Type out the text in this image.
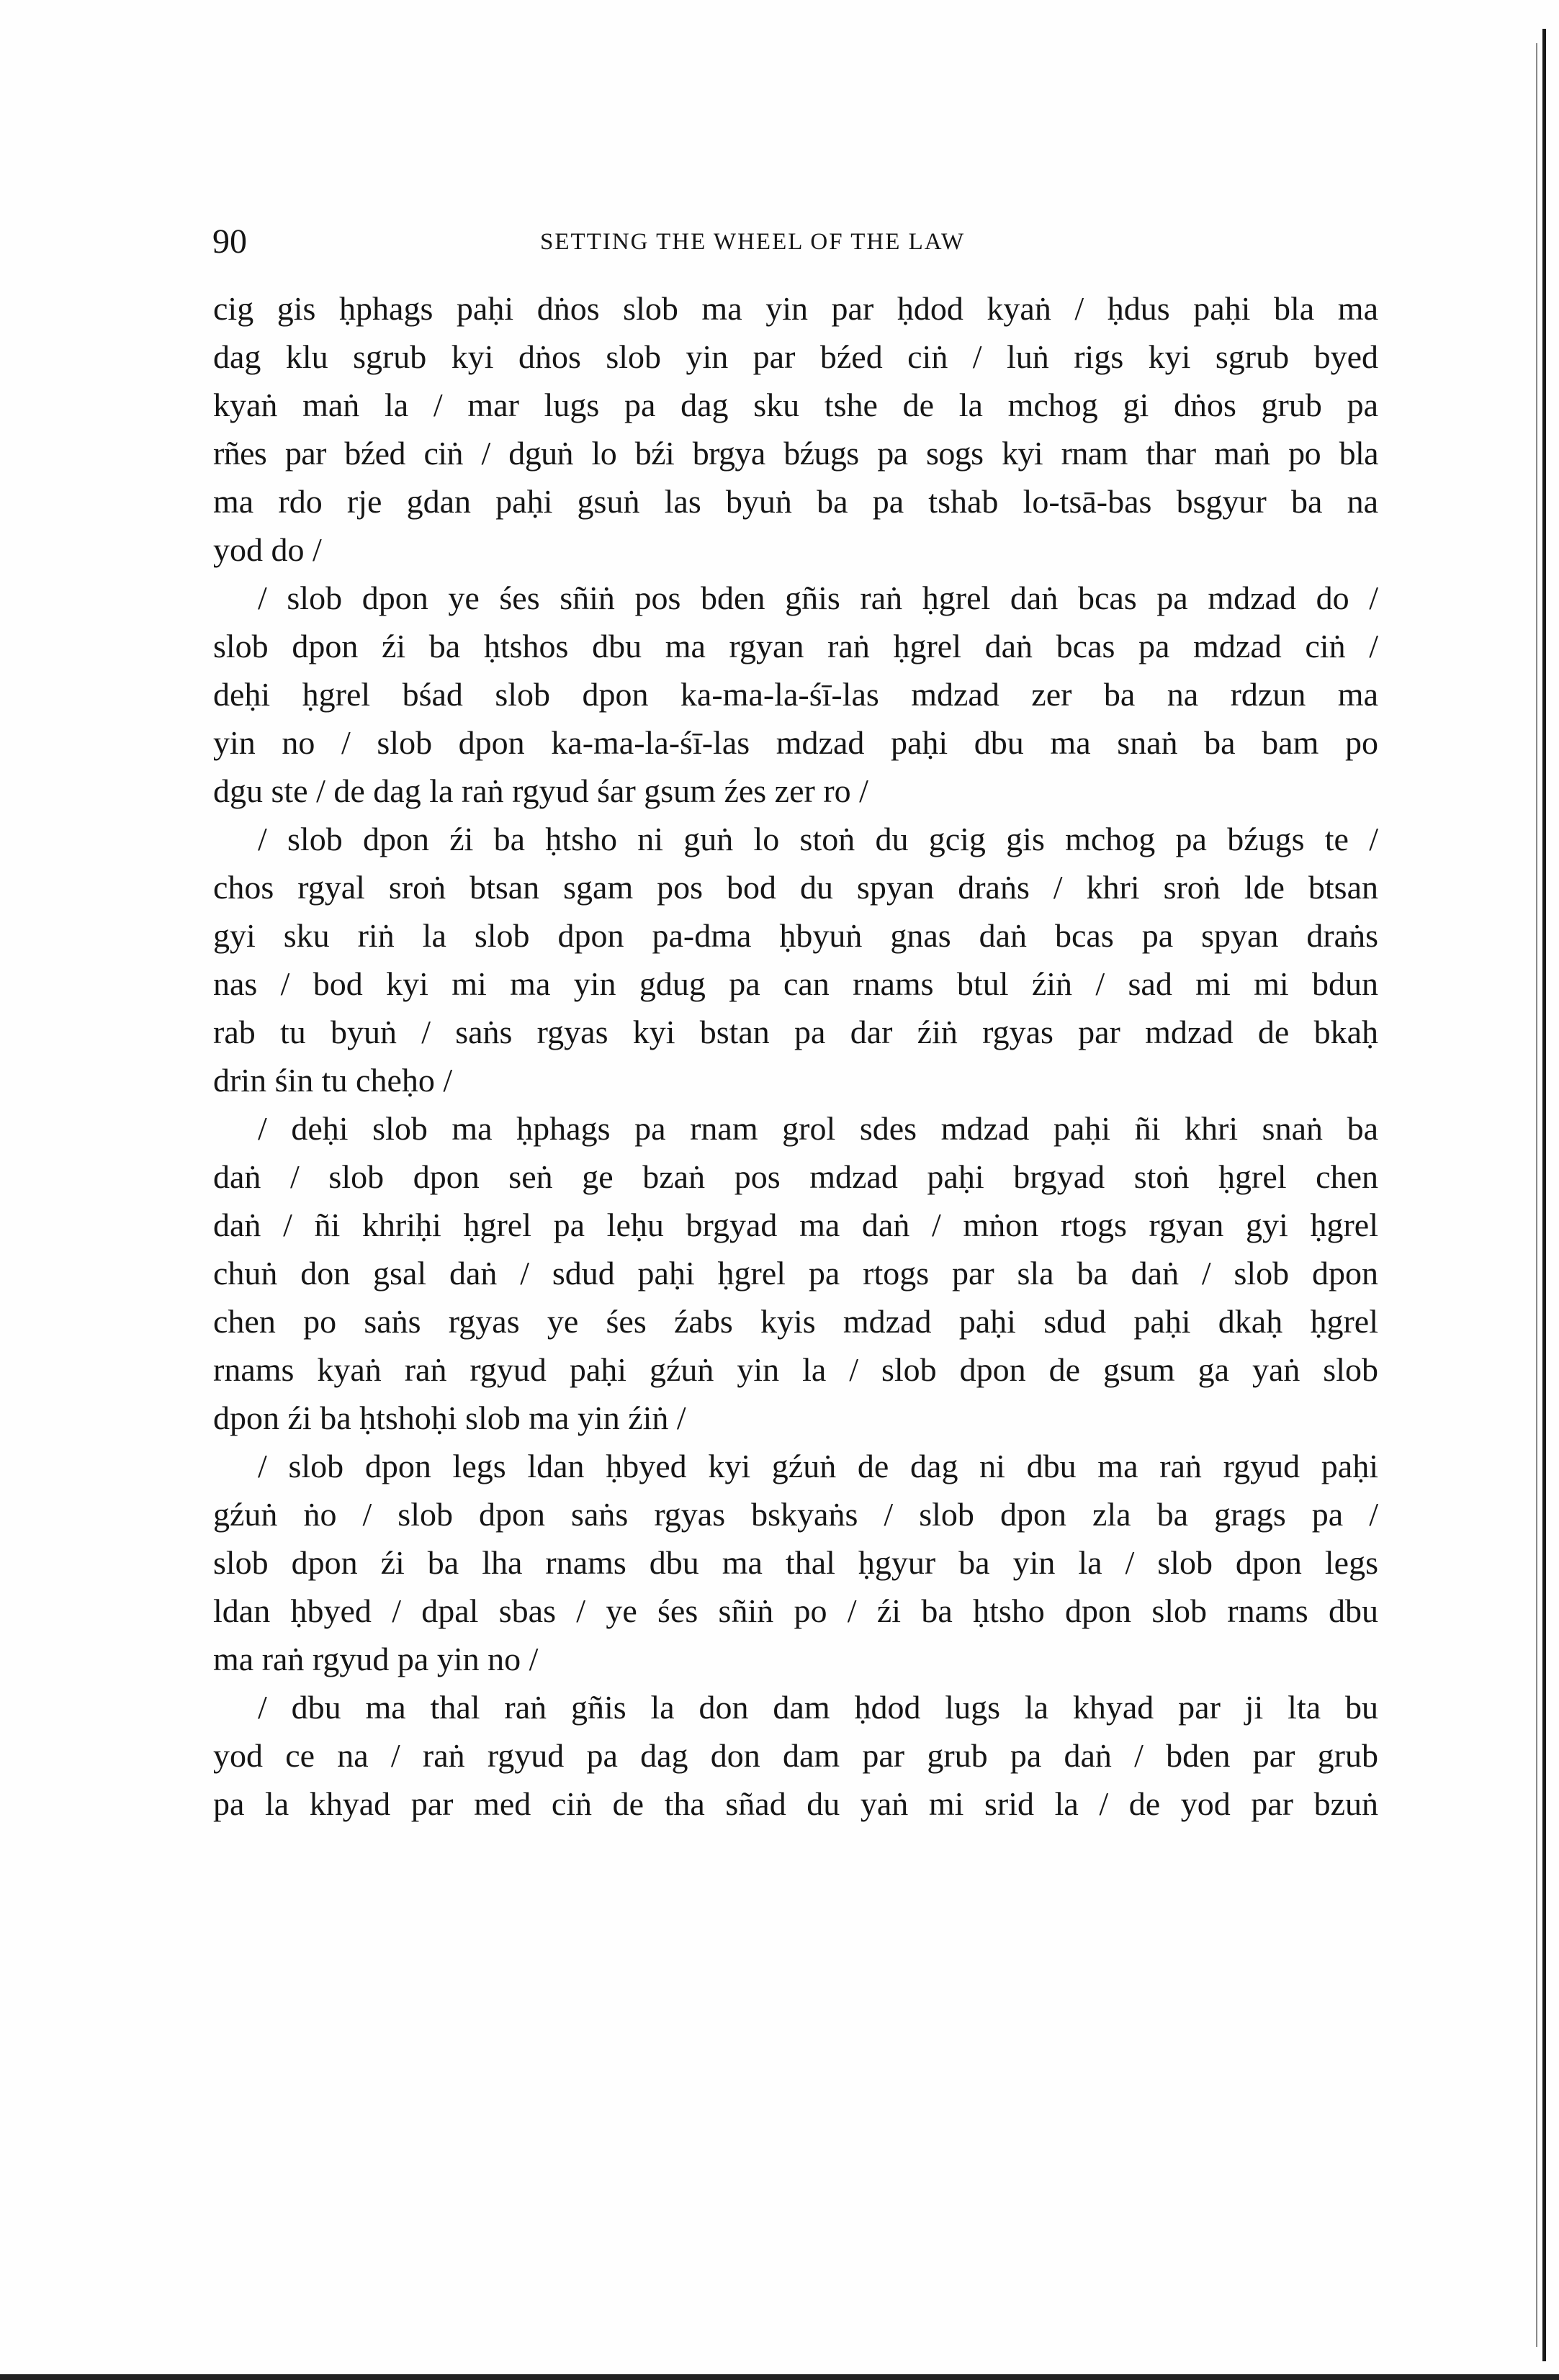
90	SETTING THE WHEEL OF THE LAW
cig gis ḥphags paḥi dṅos slob ma yin par ḥdod kyaṅ / ḥdus paḥi bla ma
dag klu sgrub kyi dṅos slob yin par bźed ciṅ / luṅ rigs kyi sgrub byed
kyaṅ maṅ la / mar lugs pa dag sku tshe de la mchog gi dṅos grub pa
rñes par bźed ciṅ / dguṅ lo bźi brgya bźugs pa sogs kyi rnam thar maṅ po bla
ma rdo rje gdan paḥi gsuṅ las byuṅ ba pa tshab lo-tsā-bas bsgyur ba na
yod do /
/ slob dpon ye śes sñiṅ pos bden gñis raṅ ḥgrel daṅ bcas pa mdzad do /
slob dpon źi ba ḥtshos dbu ma rgyan raṅ ḥgrel daṅ bcas pa mdzad ciṅ /
deḥi ḥgrel bśad slob dpon ka-ma-la-śī-las mdzad zer ba na rdzun ma
yin no / slob dpon ka-ma-la-śī-las mdzad paḥi dbu ma snaṅ ba bam po
dgu ste / de dag la raṅ rgyud śar gsum źes zer ro /
/ slob dpon źi ba ḥtsho ni guṅ lo stoṅ du gcig gis mchog pa bźugs te /
chos rgyal sroṅ btsan sgam pos bod du spyan draṅs / khri sroṅ lde btsan
gyi sku riṅ la slob dpon pa-dma ḥbyuṅ gnas daṅ bcas pa spyan draṅs
nas / bod kyi mi ma yin gdug pa can rnams btul źiṅ / sad mi mi bdun
rab tu byuṅ / saṅs rgyas kyi bstan pa dar źiṅ rgyas par mdzad de bkaḥ
drin śin tu cheḥo /
/ deḥi slob ma ḥphags pa rnam grol sdes mdzad paḥi ñi khri snaṅ ba
daṅ / slob dpon seṅ ge bzaṅ pos mdzad paḥi brgyad stoṅ ḥgrel chen
daṅ / ñi khriḥi ḥgrel pa leḥu brgyad ma daṅ / mṅon rtogs rgyan gyi ḥgrel
chuṅ don gsal daṅ / sdud paḥi ḥgrel pa rtogs par sla ba daṅ / slob dpon
chen po saṅs rgyas ye śes źabs kyis mdzad paḥi sdud paḥi dkaḥ ḥgrel
rnams kyaṅ raṅ rgyud paḥi gźuṅ yin la / slob dpon de gsum ga yaṅ slob
dpon źi ba ḥtshoḥi slob ma yin źiṅ /
/ slob dpon legs ldan ḥbyed kyi gźuṅ de dag ni dbu ma raṅ rgyud paḥi
gźuṅ ṅo / slob dpon saṅs rgyas bskyaṅs / slob dpon zla ba grags pa /
slob dpon źi ba lha rnams dbu ma thal ḥgyur ba yin la / slob dpon legs
ldan ḥbyed / dpal sbas / ye śes sñiṅ po / źi ba ḥtsho dpon slob rnams dbu
ma raṅ rgyud pa yin no /
/ dbu ma thal raṅ gñis la don dam ḥdod lugs la khyad par ji lta bu
yod ce na / raṅ rgyud pa dag don dam par grub pa daṅ / bden par grub
pa la khyad par med ciṅ de tha sñad du yaṅ mi srid la / de yod par bzuṅ
